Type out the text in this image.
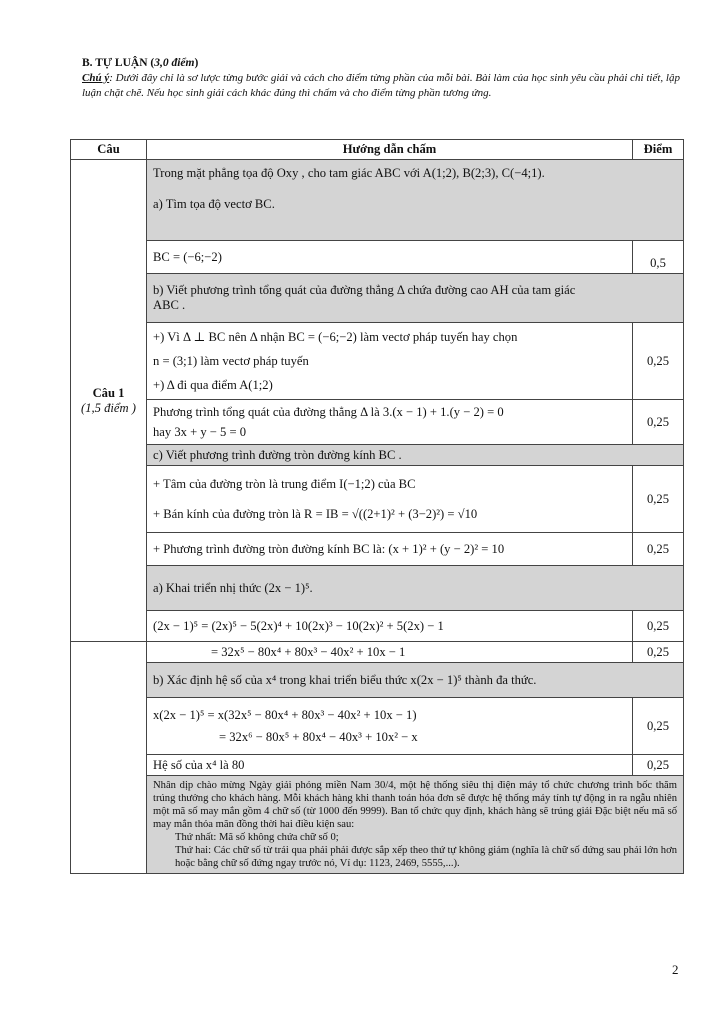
B. TỰ LUẬN (3,0 điểm)
Chú ý: Dưới đây chỉ là sơ lược từng bước giải và cách cho điểm từng phần của mỗi bài. Bài làm của học sinh yêu cầu phải chi tiết, lập luận chặt chẽ. Nếu học sinh giải cách khác đúng thì chấm và cho điểm từng phần tương ứng.
Câu	Hướng dẫn chấm	Điểm
Câu 1
(1,5 điểm )	Trong mặt phẳng tọa độ Oxy , cho tam giác ABC với A(1;2), B(2;3), C(−4;1).
a) Tìm tọa độ vectơ BC.	

	BC = (−6;−2)	0,5

	b) Viết phương trình tổng quát của đường thẳng Δ chứa đường cao AH của tam giác
ABC .	

	+) Vì Δ ⊥ BC nên Δ nhận BC = (−6;−2) làm vectơ pháp tuyến hay chọn
n = (3;1) làm vectơ pháp tuyến
+) Δ đi qua điểm A(1;2)	0,25

	Phương trình tổng quát của đường thẳng Δ là 3.(x − 1) + 1.(y − 2) = 0
hay 3x + y − 5 = 0	0,25
	c) Viết phương trình đường tròn đường kính BC .	

	+ Tâm của đường tròn là trung điểm I(−1;2) của BC
+ Bán kính của đường tròn là R = IB = √((2+1)² + (3−2)²) = √10	0,25
	+ Phương trình đường tròn đường kính BC là: (x + 1)² + (y − 2)² = 10	0,25
	a) Khai triển nhị thức (2x − 1)⁵.	
	(2x − 1)⁵ = (2x)⁵ − 5(2x)⁴ + 10(2x)³ − 10(2x)² + 5(2x) − 1	0,25
	= 32x⁵ − 80x⁴ + 80x³ − 40x² + 10x − 1	0,25
	b) Xác định hệ số của x⁴ trong khai triển biểu thức x(2x − 1)⁵ thành đa thức.	

	x(2x − 1)⁵ = x(32x⁵ − 80x⁴ + 80x³ − 40x² + 10x − 1)
= 32x⁶ − 80x⁵ + 80x⁴ − 40x³ + 10x² − x	0,25
	Hệ số của x⁴ là 80	0,25

	Nhân dịp chào mừng Ngày giải phóng miền Nam 30/4, một hệ thống siêu thị điện máy tổ chức chương trình bốc thăm trúng thưởng cho khách hàng. Mỗi khách hàng khi thanh toán hóa đơn sẽ được hệ thống máy tính tự động in ra ngẫu nhiên một mã số may mắn gồm 4 chữ số (từ 1000 đến 9999). Ban tổ chức quy định, khách hàng sẽ trúng giải Đặc biệt nếu mã số may mắn thỏa mãn đồng thời hai điều kiện sau:
Thứ nhất: Mã số không chứa chữ số 0;
Thứ hai: Các chữ số từ trái qua phải phải được sắp xếp theo thứ tự không giảm (nghĩa là chữ số đứng sau phải lớn hơn hoặc bằng chữ số đứng ngay trước nó, Ví dụ: 1123, 2469, 5555,...).	
2
